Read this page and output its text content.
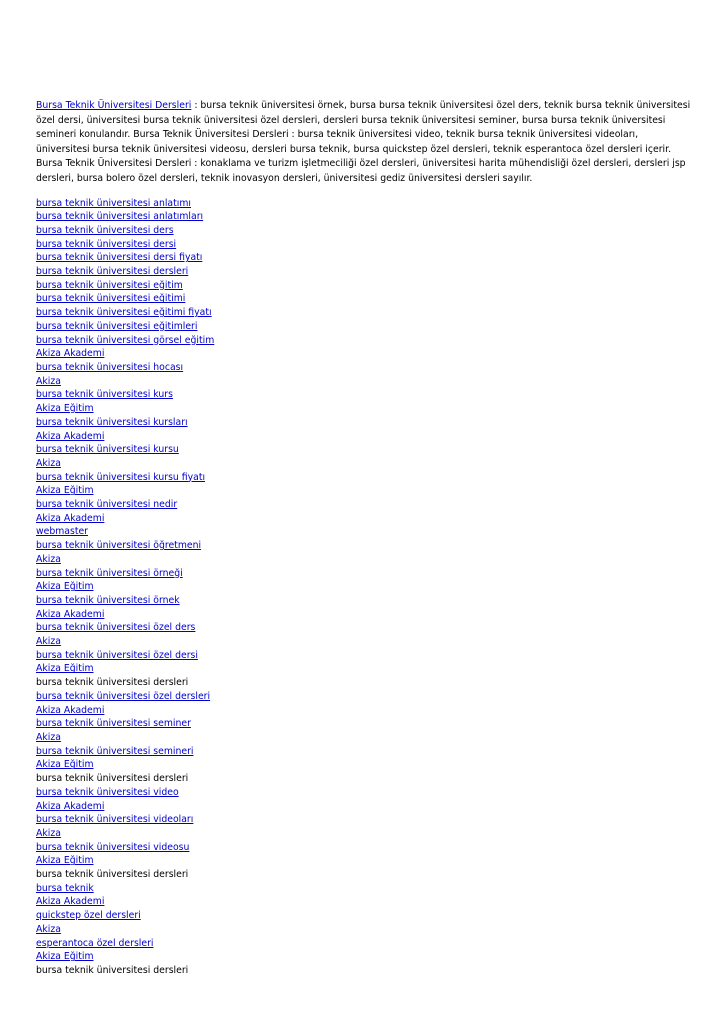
Bursa Teknik Üniversitesi Dersleri : bursa teknik üniversitesi örnek, bursa bursa teknik üniversitesi özel ders, teknik bursa teknik üniversitesi özel dersi, üniversitesi bursa teknik üniversitesi özel dersleri, dersleri bursa teknik üniversitesi seminer, bursa bursa teknik üniversitesi semineri konulandır. Bursa Teknik Üniversitesi Dersleri : bursa teknik üniversitesi video, teknik bursa teknik üniversitesi videoları, üniversitesi bursa teknik üniversitesi videosu, dersleri bursa teknik, bursa quickstep özel dersleri, teknik esperantoca özel dersleri içerir. Bursa Teknik Üniversitesi Dersleri : konaklama ve turizm işletmeciliği özel dersleri, üniversitesi harita mühendisliği özel dersleri, dersleri jsp dersleri, bursa bolero özel dersleri, teknik inovasyon dersleri, üniversitesi gediz üniversitesi dersleri sayılır.

bursa teknik üniversitesi anlatımı
bursa teknik üniversitesi anlatımları
bursa teknik üniversitesi ders
bursa teknik üniversitesi dersi
bursa teknik üniversitesi dersi fiyatı
bursa teknik üniversitesi dersleri
bursa teknik üniversitesi eğitim
bursa teknik üniversitesi eğitimi
bursa teknik üniversitesi eğitimi fiyatı
bursa teknik üniversitesi eğitimleri
bursa teknik üniversitesi görsel eğitim
Akiza Akademi
bursa teknik üniversitesi hocası
Akiza
bursa teknik üniversitesi kurs
Akiza Eğitim
bursa teknik üniversitesi kursları
Akiza Akademi
bursa teknik üniversitesi kursu
Akiza
bursa teknik üniversitesi kursu fiyatı
Akiza Eğitim
bursa teknik üniversitesi nedir
Akiza Akademi
webmaster
bursa teknik üniversitesi öğretmeni
Akiza
bursa teknik üniversitesi örneği
Akiza Eğitim
bursa teknik üniversitesi örnek
Akiza Akademi
bursa teknik üniversitesi özel ders
Akiza
bursa teknik üniversitesi özel dersi
Akiza Eğitim
bursa teknik üniversitesi dersleri
bursa teknik üniversitesi özel dersleri
Akiza Akademi
bursa teknik üniversitesi seminer
Akiza
bursa teknik üniversitesi semineri
Akiza Eğitim
bursa teknik üniversitesi dersleri
bursa teknik üniversitesi video
Akiza Akademi
bursa teknik üniversitesi videoları
Akiza
bursa teknik üniversitesi videosu
Akiza Eğitim
bursa teknik üniversitesi dersleri
bursa teknik
Akiza Akademi
quickstep özel dersleri
Akiza
esperantoca özel dersleri
Akiza Eğitim
bursa teknik üniversitesi dersleri
